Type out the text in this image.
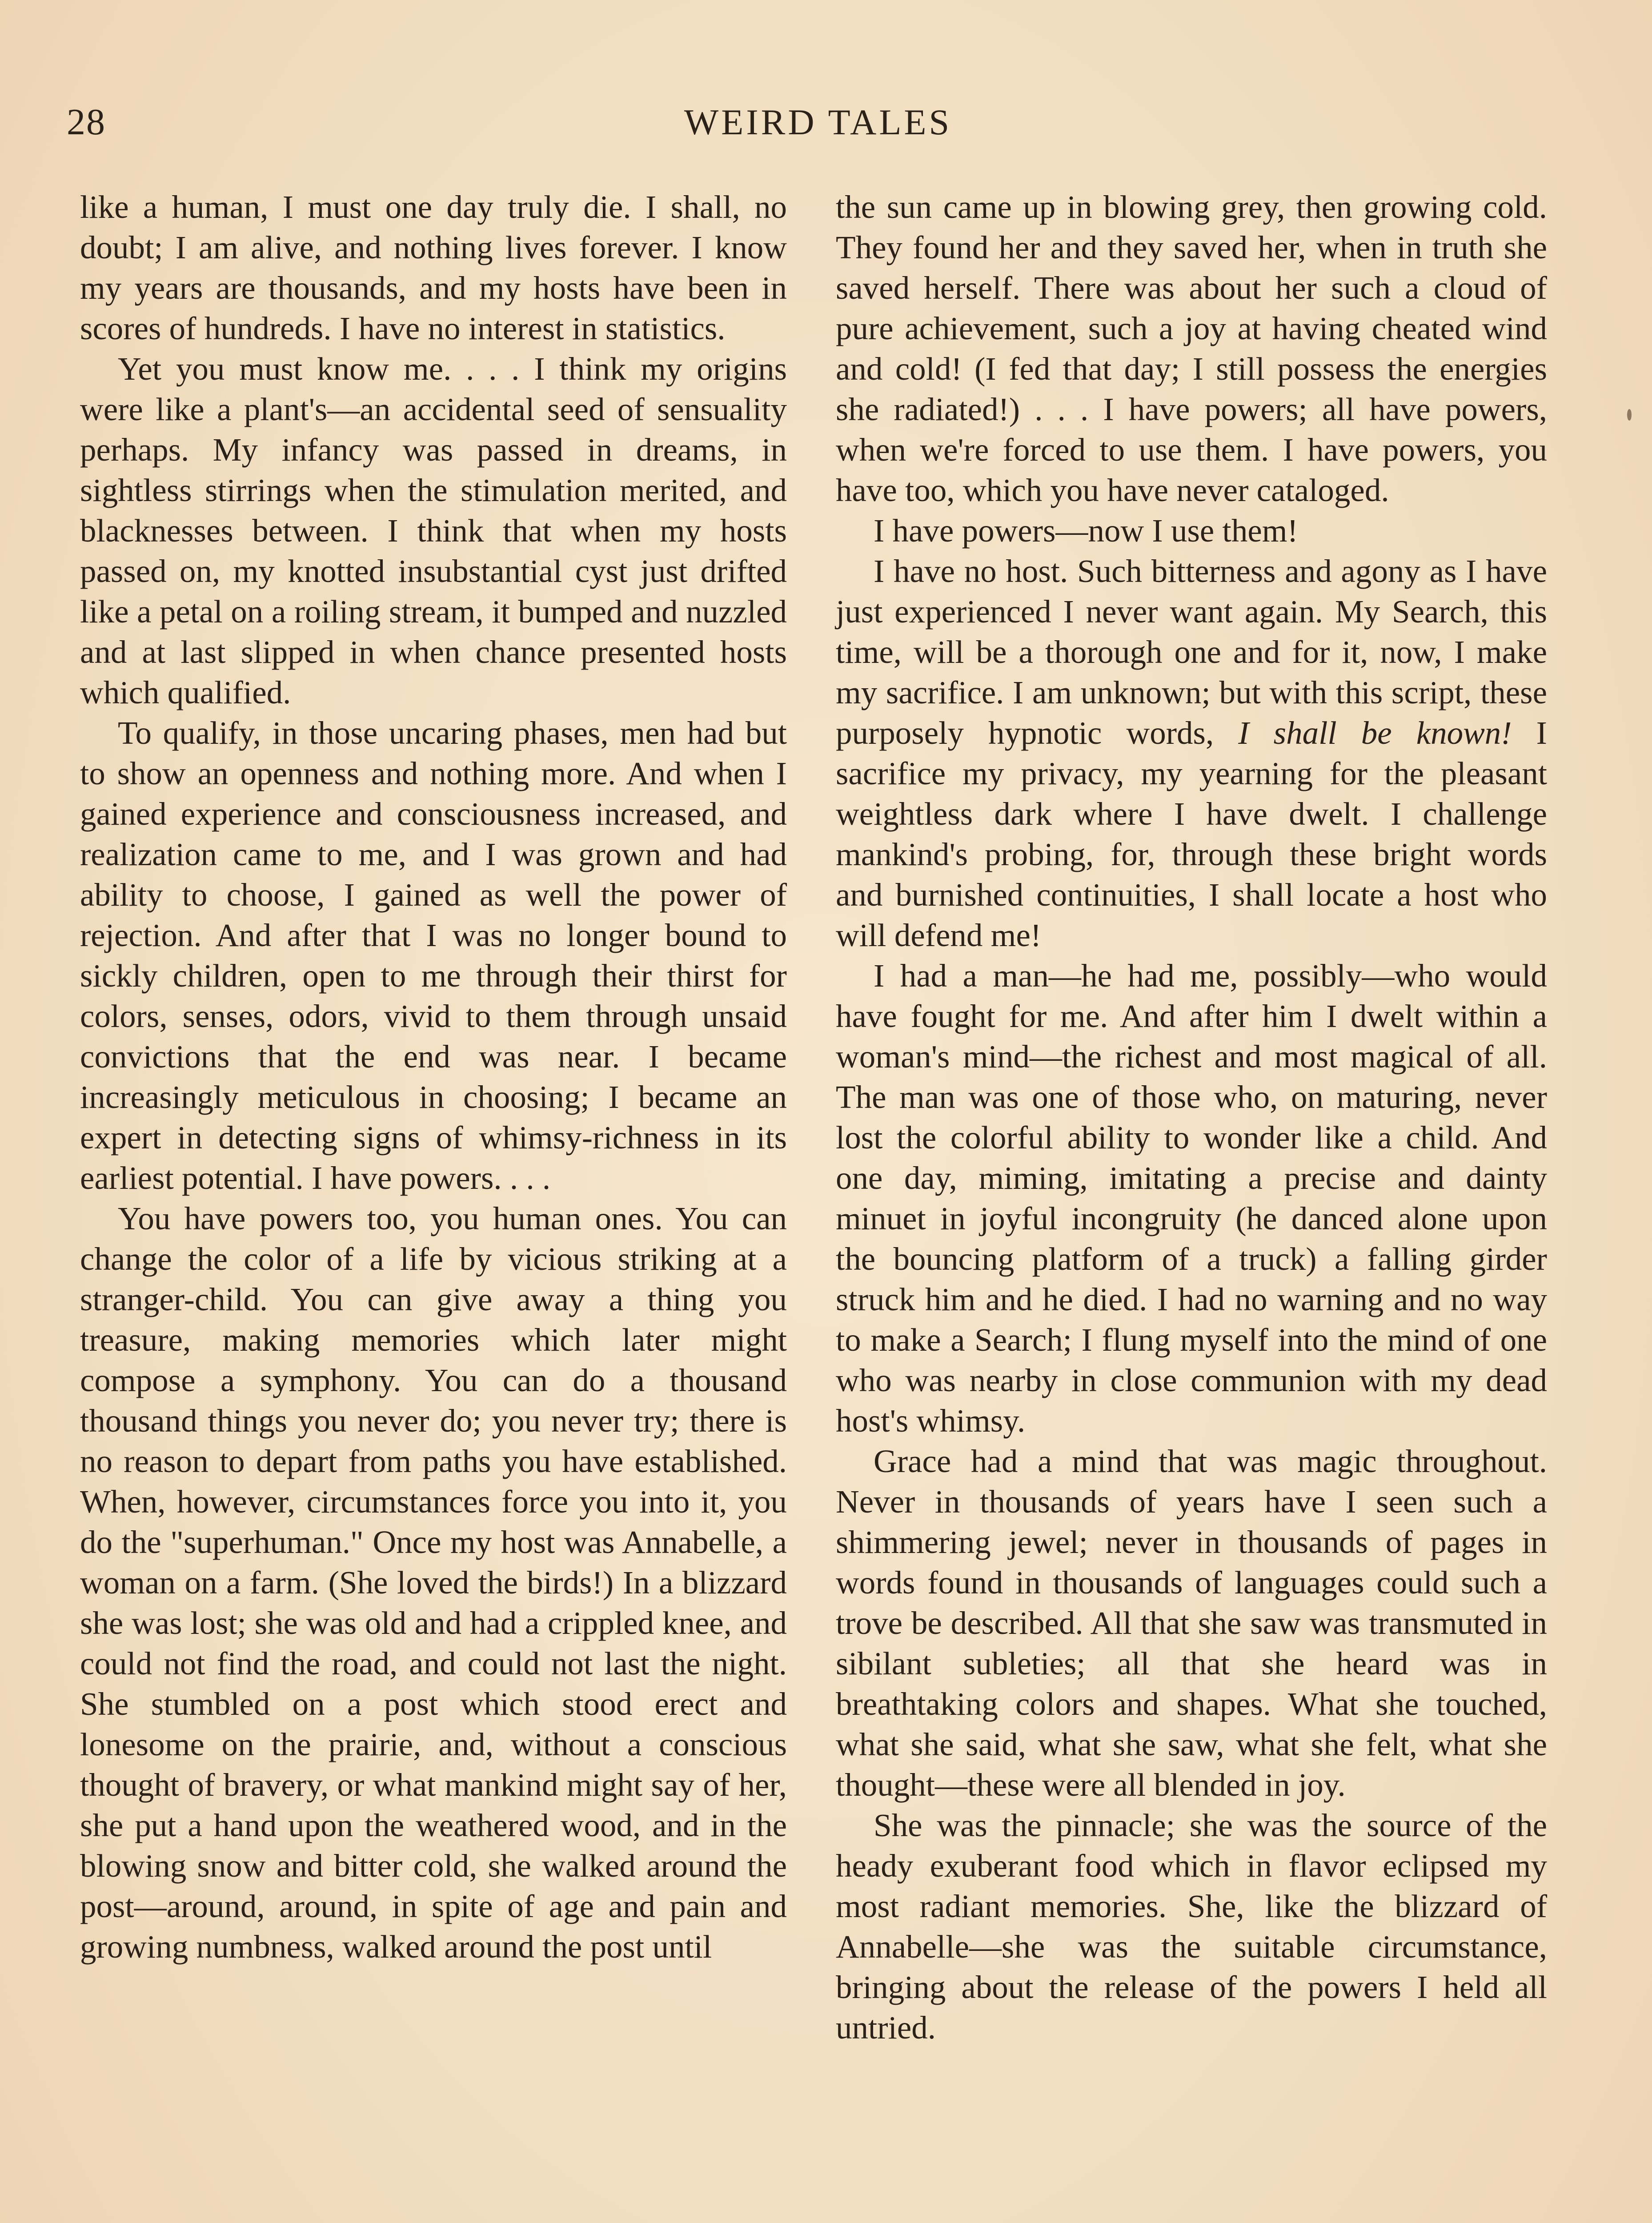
28	WEIRD TALES

like a human, I must one day truly die. I shall, no doubt; I am alive, and nothing lives forever. I know my years are thousands, and my hosts have been in scores of hundreds. I have no interest in statistics.

Yet you must know me. . . . I think my origins were like a plant's—an accidental seed of sensuality perhaps. My infancy was passed in dreams, in sightless stirrings when the stimulation merited, and blacknesses between. I think that when my hosts passed on, my knotted insubstantial cyst just drifted like a petal on a roiling stream, it bumped and nuzzled and at last slipped in when chance presented hosts which qualified.

To qualify, in those uncaring phases, men had but to show an openness and nothing more. And when I gained experience and consciousness increased, and realization came to me, and I was grown and had ability to choose, I gained as well the power of rejection. And after that I was no longer bound to sickly children, open to me through their thirst for colors, senses, odors, vivid to them through unsaid convictions that the end was near. I became increasingly meticulous in choosing; I became an expert in detecting signs of whimsy-richness in its earliest potential. I have powers. . . .

You have powers too, you human ones. You can change the color of a life by vicious striking at a stranger-child. You can give away a thing you treasure, making memories which later might compose a symphony. You can do a thousand thousand things you never do; you never try; there is no reason to depart from paths you have established. When, however, circumstances force you into it, you do the "superhuman." Once my host was Annabelle, a woman on a farm. (She loved the birds!) In a blizzard she was lost; she was old and had a crippled knee, and could not find the road, and could not last the night. She stumbled on a post which stood erect and lonesome on the prairie, and, without a conscious thought of bravery, or what mankind might say of her, she put a hand upon the weathered wood, and in the blowing snow and bitter cold, she walked around the post—around, around, in spite of age and pain and growing numbness, walked around the post until

the sun came up in blowing grey, then growing cold. They found her and they saved her, when in truth she saved herself. There was about her such a cloud of pure achievement, such a joy at having cheated wind and cold! (I fed that day; I still possess the energies she radiated!) . . . I have powers; all have powers, when we're forced to use them. I have powers, you have too, which you have never cataloged.

I have powers—now I use them!

I have no host. Such bitterness and agony as I have just experienced I never want again. My Search, this time, will be a thorough one and for it, now, I make my sacrifice. I am unknown; but with this script, these purposely hypnotic words, I shall be known! I sacrifice my privacy, my yearning for the pleasant weightless dark where I have dwelt. I challenge mankind's probing, for, through these bright words and burnished continuities, I shall locate a host who will defend me!

I had a man—he had me, possibly—who would have fought for me. And after him I dwelt within a woman's mind—the richest and most magical of all. The man was one of those who, on maturing, never lost the colorful ability to wonder like a child. And one day, miming, imitating a precise and dainty minuet in joyful incongruity (he danced alone upon the bouncing platform of a truck) a falling girder struck him and he died. I had no warning and no way to make a Search; I flung myself into the mind of one who was nearby in close communion with my dead host's whimsy.

Grace had a mind that was magic throughout. Never in thousands of years have I seen such a shimmering jewel; never in thousands of pages in words found in thousands of languages could such a trove be described. All that she saw was transmuted in sibilant subleties; all that she heard was in breathtaking colors and shapes. What she touched, what she said, what she saw, what she felt, what she thought—these were all blended in joy.

She was the pinnacle; she was the source of the heady exuberant food which in flavor eclipsed my most radiant memories. She, like the blizzard of Annabelle—she was the suitable circumstance, bringing about the release of the powers I held all untried.
